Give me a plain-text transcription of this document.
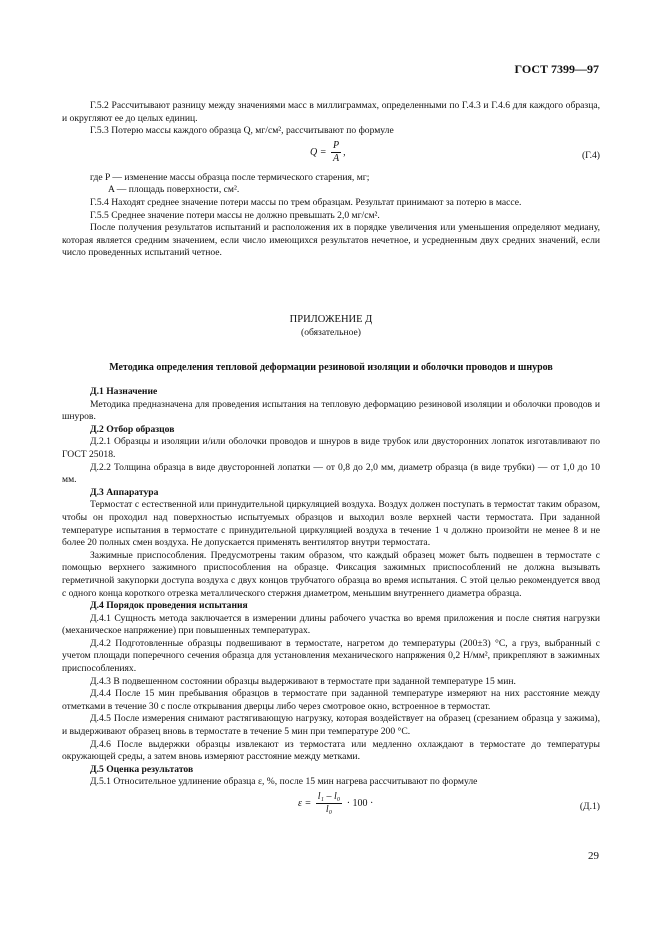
ГОСТ 7399—97

Г.5.2 Рассчитывают разницу между значениями масс в миллиграммах, определенными по Г.4.3 и Г.4.6 для каждого образца, и округляют ее до целых единиц.

Г.5.3 Потерю массы каждого образца Q, мг/см², рассчитывают по формуле

$Q = \frac{P}{A}$ ,	(Г.4)

где P — изменение массы образца после термического старения, мг;

A — площадь поверхности, см².

Г.5.4 Находят среднее значение потери массы по трем образцам. Результат принимают за потерю в массе.

Г.5.5 Среднее значение потери массы не должно превышать 2,0 мг/см².

После получения результатов испытаний и расположения их в порядке увеличения или уменьшения определяют медиану, которая является средним значением, если число имеющихся результатов нечетное, и усредненным двух средних значений, если число проведенных испытаний четное.

ПРИЛОЖЕНИЕ Д

(обязательное)

Методика определения тепловой деформации резиновой изоляции и оболочки проводов и шнуров

Д.1 Назначение

Методика предназначена для проведения испытания на тепловую деформацию резиновой изоляции и оболочки проводов и шнуров.

Д.2 Отбор образцов

Д.2.1 Образцы и изоляции и/или оболочки проводов и шнуров в виде трубок или двусторонних лопаток изготавливают по ГОСТ 25018.

Д.2.2 Толщина образца в виде двусторонней лопатки — от 0,8 до 2,0 мм, диаметр образца (в виде трубки) — от 1,0 до 10 мм.

Д.3 Аппаратура

Термостат с естественной или принудительной циркуляцией воздуха. Воздух должен поступать в термостат таким образом, чтобы он проходил над поверхностью испытуемых образцов и выходил возле верхней части термостата. При заданной температуре испытания в термостате с принудительной циркуляцией воздуха в течение 1 ч должно произойти не менее 8 и не более 20 полных смен воздуха. Не допускается применять вентилятор внутри термостата.

Зажимные приспособления. Предусмотрены таким образом, что каждый образец может быть подвешен в термостате с помощью верхнего зажимного приспособления на образце. Фиксация зажимных приспособлений не должна вызывать герметичной закупорки доступа воздуха с двух концов трубчатого образца во время испытания. С этой целью рекомендуется ввод с одного конца короткого отрезка металлического стержня диаметром, меньшим внутреннего диаметра образца.

Д.4 Порядок проведения испытания

Д.4.1 Сущность метода заключается в измерении длины рабочего участка во время приложения и после снятия нагрузки (механическое напряжение) при повышенных температурах.

Д.4.2 Подготовленные образцы подвешивают в термостате, нагретом до температуры (200±3) °С, а груз, выбранный с учетом площади поперечного сечения образца для установления механического напряжения 0,2 Н/мм², прикрепляют в зажимных приспособлениях.

Д.4.3 В подвешенном состоянии образцы выдерживают в термостате при заданной температуре 15 мин.

Д.4.4 После 15 мин пребывания образцов в термостате при заданной температуре измеряют на них расстояние между отметками в течение 30 с после открывания дверцы либо через смотровое окно, встроенное в термостат.

Д.4.5 После измерения снимают растягивающую нагрузку, которая воздействует на образец (срезанием образца у зажима), и выдерживают образец вновь в термостате в течение 5 мин при температуре 200 °С.

Д.4.6 После выдержки образцы извлекают из термостата или медленно охлаждают в термостате до температуры окружающей среды, а затем вновь измеряют расстояние между метками.

Д.5 Оценка результатов

Д.5.1 Относительное удлинение образца ε, %, после 15 мин нагрева рассчитывают по формуле

$\varepsilon = \frac{\text{l₁ – l₀}}{\text{l₀}} \cdot 100$ ·	(Д.1)
29
